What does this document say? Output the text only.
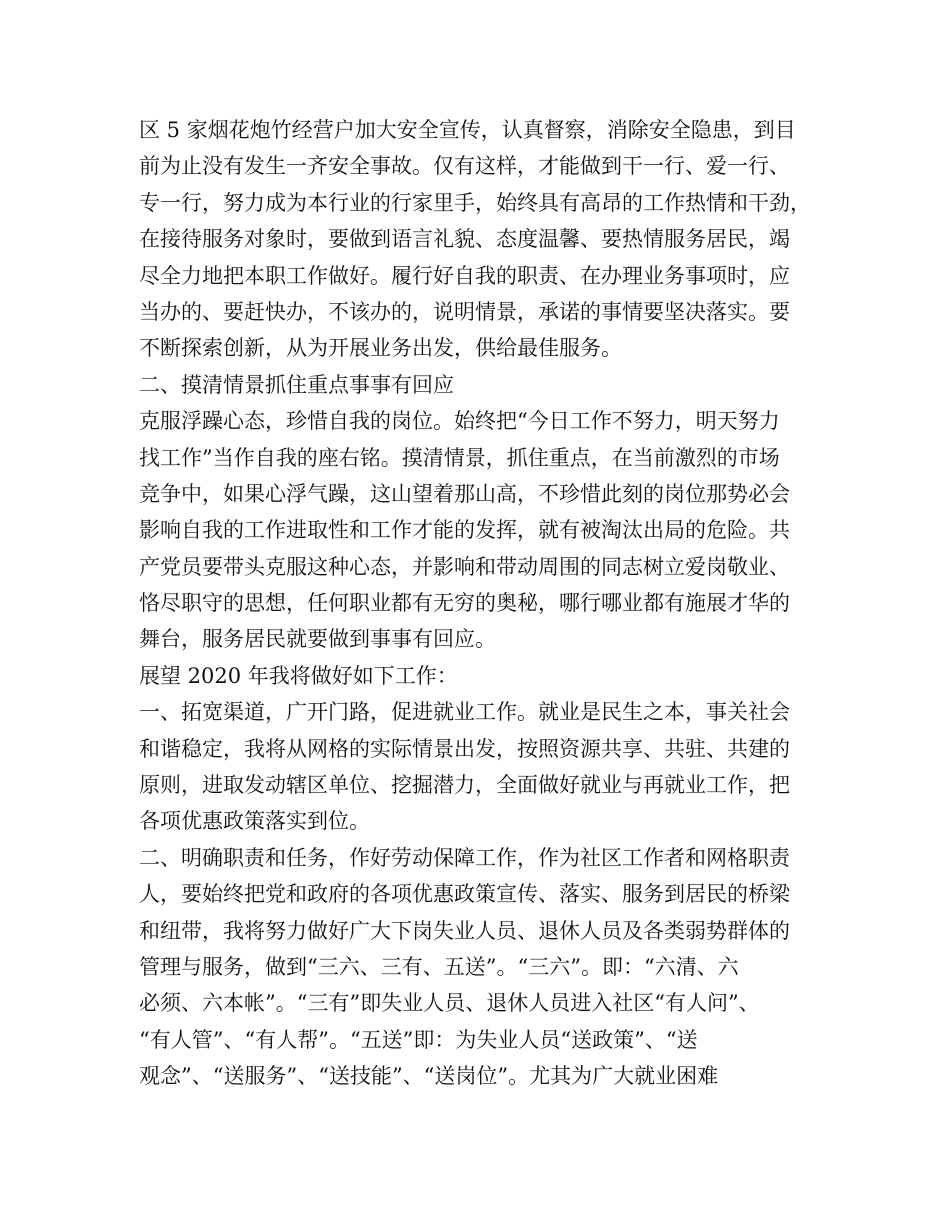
区 5 家烟花炮竹经营户加大安全宣传，认真督察，消除安全隐患，到目
前为止没有发生一齐安全事故。仅有这样，才能做到干一行、爱一行、
专一行，努力成为本行业的行家里手，始终具有高昂的工作热情和干劲，
在接待服务对象时，要做到语言礼貌、态度温馨、要热情服务居民，竭
尽全力地把本职工作做好。履行好自我的职责、在办理业务事项时，应
当办的、要赶快办，不该办的，说明情景，承诺的事情要坚决落实。要
不断探索创新，从为开展业务出发，供给最佳服务。
二、摸清情景抓住重点事事有回应
克服浮躁心态，珍惜自我的岗位。始终把“今日工作不努力，明天努力
找工作”当作自我的座右铭。摸清情景，抓住重点，在当前激烈的市场
竞争中，如果心浮气躁，这山望着那山高，不珍惜此刻的岗位那势必会
影响自我的工作进取性和工作才能的发挥，就有被淘汰出局的危险。共
产党员要带头克服这种心态，并影响和带动周围的同志树立爱岗敬业、
恪尽职守的思想，任何职业都有无穷的奥秘，哪行哪业都有施展才华的
舞台，服务居民就要做到事事有回应。
展望 2020 年我将做好如下工作：
一、拓宽渠道，广开门路，促进就业工作。就业是民生之本，事关社会
和谐稳定，我将从网格的实际情景出发，按照资源共享、共驻、共建的
原则，进取发动辖区单位、挖掘潜力，全面做好就业与再就业工作，把
各项优惠政策落实到位。
二、明确职责和任务，作好劳动保障工作，作为社区工作者和网格职责
人，要始终把党和政府的各项优惠政策宣传、落实、服务到居民的桥梁
和纽带，我将努力做好广大下岗失业人员、退休人员及各类弱势群体的
管理与服务，做到“三六、三有、五送”。“三六”。即：“六清、六
必须、六本帐”。“三有”即失业人员、退休人员进入社区“有人问”、
“有人管”、“有人帮”。“五送”即：为失业人员“送政策”、“送
观念”、“送服务”、“送技能”、“送岗位”。尤其为广大就业困难
